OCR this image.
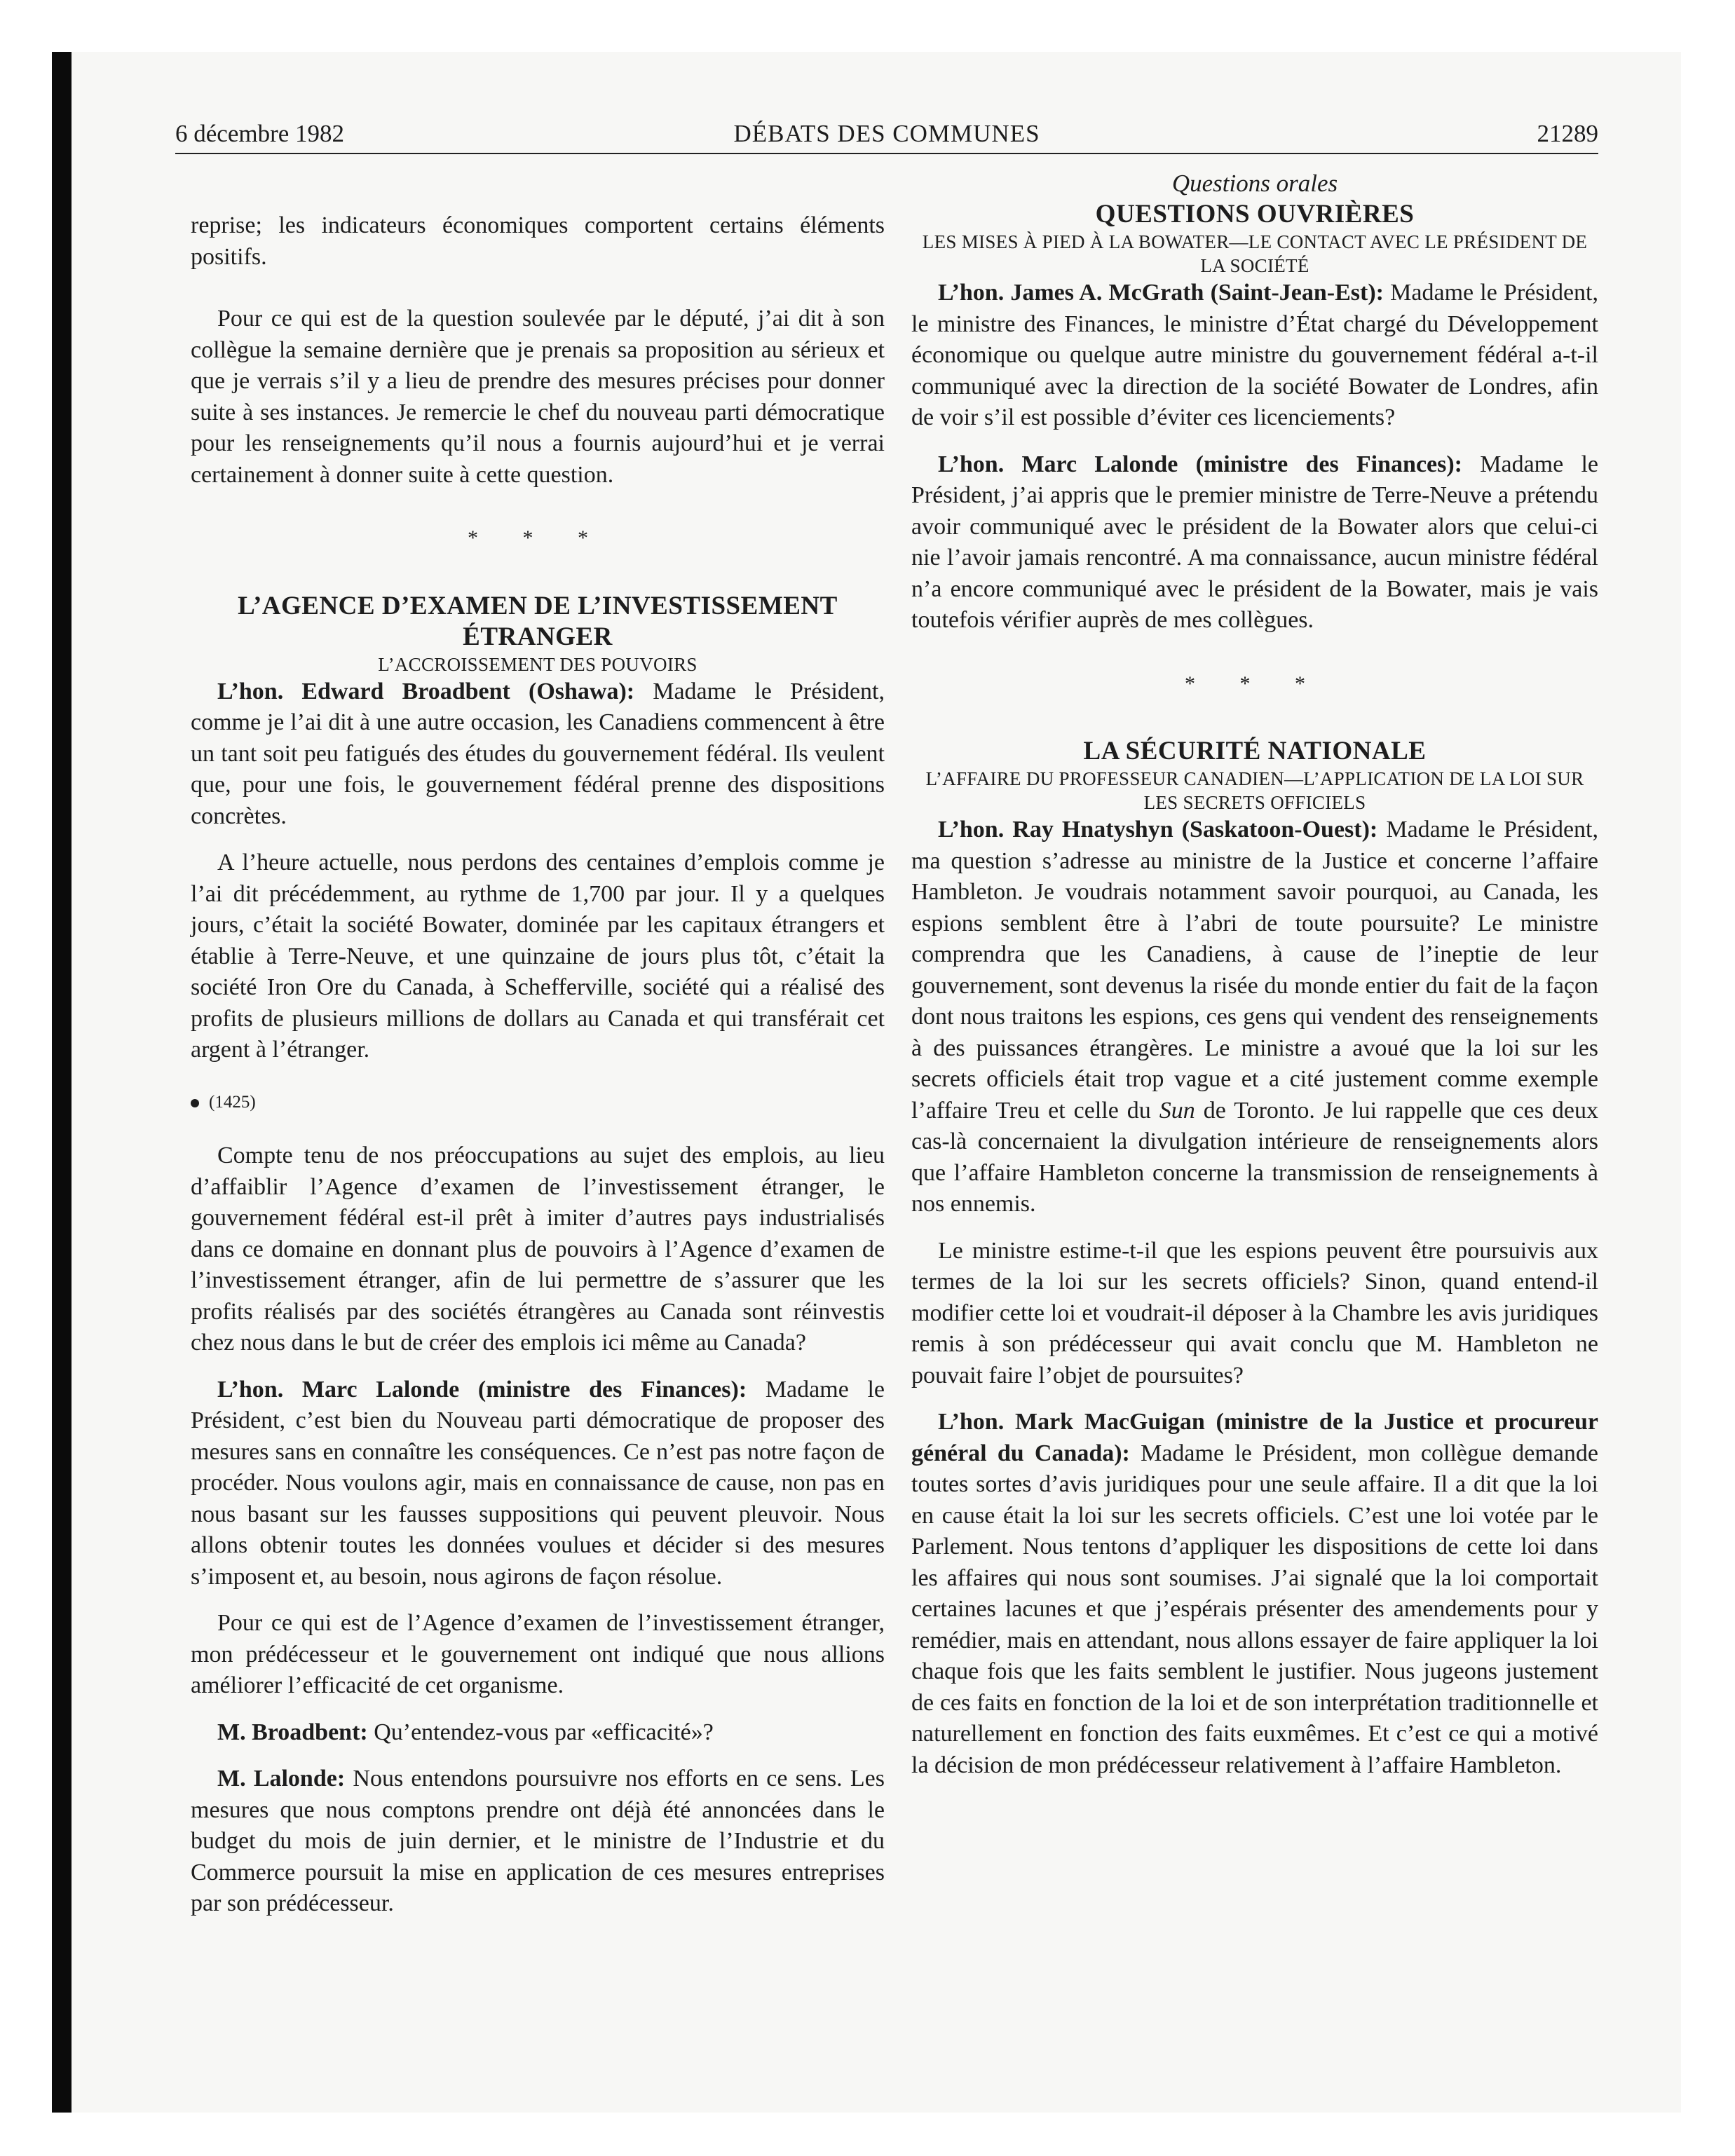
6 décembre 1982	DÉBATS DES COMMUNES	21289

reprise; les indicateurs économiques comportent certains éléments positifs.

Pour ce qui est de la question soulevée par le député, j’ai dit à son collègue la semaine dernière que je prenais sa proposition au sérieux et que je verrais s’il y a lieu de prendre des mesures précises pour donner suite à ses instances. Je remercie le chef du nouveau parti démocratique pour les renseignements qu’il nous a fournis aujourd’hui et je verrai certainement à donner suite à cette question.

* * *

L’AGENCE D’EXAMEN DE L’INVESTISSEMENT ÉTRANGER

L’ACCROISSEMENT DES POUVOIRS

L’hon. Edward Broadbent (Oshawa): Madame le Président, comme je l’ai dit à une autre occasion, les Canadiens commencent à être un tant soit peu fatigués des études du gouvernement fédéral. Ils veulent que, pour une fois, le gouvernement fédéral prenne des dispositions concrètes.

A l’heure actuelle, nous perdons des centaines d’emplois comme je l’ai dit précédemment, au rythme de 1,700 par jour. Il y a quelques jours, c’était la société Bowater, dominée par les capitaux étrangers et établie à Terre-Neuve, et une quinzaine de jours plus tôt, c’était la société Iron Ore du Canada, à Schefferville, société qui a réalisé des profits de plusieurs millions de dollars au Canada et qui transférait cet argent à l’étranger.

(1425)

Compte tenu de nos préoccupations au sujet des emplois, au lieu d’affaiblir l’Agence d’examen de l’investissement étranger, le gouvernement fédéral est-il prêt à imiter d’autres pays industrialisés dans ce domaine en donnant plus de pouvoirs à l’Agence d’examen de l’investissement étranger, afin de lui permettre de s’assurer que les profits réalisés par des sociétés étrangères au Canada sont réinvestis chez nous dans le but de créer des emplois ici même au Canada?

L’hon. Marc Lalonde (ministre des Finances): Madame le Président, c’est bien du Nouveau parti démocratique de proposer des mesures sans en connaître les conséquences. Ce n’est pas notre façon de procéder. Nous voulons agir, mais en connaissance de cause, non pas en nous basant sur les fausses suppositions qui peuvent pleuvoir. Nous allons obtenir toutes les données voulues et décider si des mesures s’imposent et, au besoin, nous agirons de façon résolue.

Pour ce qui est de l’Agence d’examen de l’investissement étranger, mon prédécesseur et le gouvernement ont indiqué que nous allions améliorer l’efficacité de cet organisme.

M. Broadbent: Qu’entendez-vous par «efficacité»?

M. Lalonde: Nous entendons poursuivre nos efforts en ce sens. Les mesures que nous comptons prendre ont déjà été annoncées dans le budget du mois de juin dernier, et le ministre de l’Industrie et du Commerce poursuit la mise en application de ces mesures entreprises par son prédécesseur.

Questions orales

QUESTIONS OUVRIÈRES

LES MISES À PIED À LA BOWATER—LE CONTACT AVEC LE PRÉSIDENT DE LA SOCIÉTÉ

L’hon. James A. McGrath (Saint-Jean-Est): Madame le Président, le ministre des Finances, le ministre d’État chargé du Développement économique ou quelque autre ministre du gouvernement fédéral a-t-il communiqué avec la direction de la société Bowater de Londres, afin de voir s’il est possible d’éviter ces licenciements?

L’hon. Marc Lalonde (ministre des Finances): Madame le Président, j’ai appris que le premier ministre de Terre-Neuve a prétendu avoir communiqué avec le président de la Bowater alors que celui-ci nie l’avoir jamais rencontré. A ma connaissance, aucun ministre fédéral n’a encore communiqué avec le président de la Bowater, mais je vais toutefois vérifier auprès de mes collègues.

* * *

LA SÉCURITÉ NATIONALE

L’AFFAIRE DU PROFESSEUR CANADIEN—L’APPLICATION DE LA LOI SUR LES SECRETS OFFICIELS

L’hon. Ray Hnatyshyn (Saskatoon-Ouest): Madame le Président, ma question s’adresse au ministre de la Justice et concerne l’affaire Hambleton. Je voudrais notamment savoir pourquoi, au Canada, les espions semblent être à l’abri de toute poursuite? Le ministre comprendra que les Canadiens, à cause de l’ineptie de leur gouvernement, sont devenus la risée du monde entier du fait de la façon dont nous traitons les espions, ces gens qui vendent des renseignements à des puissances étrangères. Le ministre a avoué que la loi sur les secrets officiels était trop vague et a cité justement comme exemple l’affaire Treu et celle du Sun de Toronto. Je lui rappelle que ces deux cas-là concernaient la divulgation intérieure de renseignements alors que l’affaire Hambleton concerne la transmission de renseignements à nos ennemis.

Le ministre estime-t-il que les espions peuvent être poursuivis aux termes de la loi sur les secrets officiels? Sinon, quand entend-il modifier cette loi et voudrait-il déposer à la Chambre les avis juridiques remis à son prédécesseur qui avait conclu que M. Hambleton ne pouvait faire l’objet de poursuites?

L’hon. Mark MacGuigan (ministre de la Justice et procureur général du Canada): Madame le Président, mon collègue demande toutes sortes d’avis juridiques pour une seule affaire. Il a dit que la loi en cause était la loi sur les secrets officiels. C’est une loi votée par le Parlement. Nous tentons d’appliquer les dispositions de cette loi dans les affaires qui nous sont soumises. J’ai signalé que la loi comportait certaines lacunes et que j’espérais présenter des amendements pour y remédier, mais en attendant, nous allons essayer de faire appliquer la loi chaque fois que les faits semblent le justifier. Nous jugeons justement de ces faits en fonction de la loi et de son interprétation traditionnelle et naturellement en fonction des faits euxmêmes. Et c’est ce qui a motivé la décision de mon prédécesseur relativement à l’affaire Hambleton.
